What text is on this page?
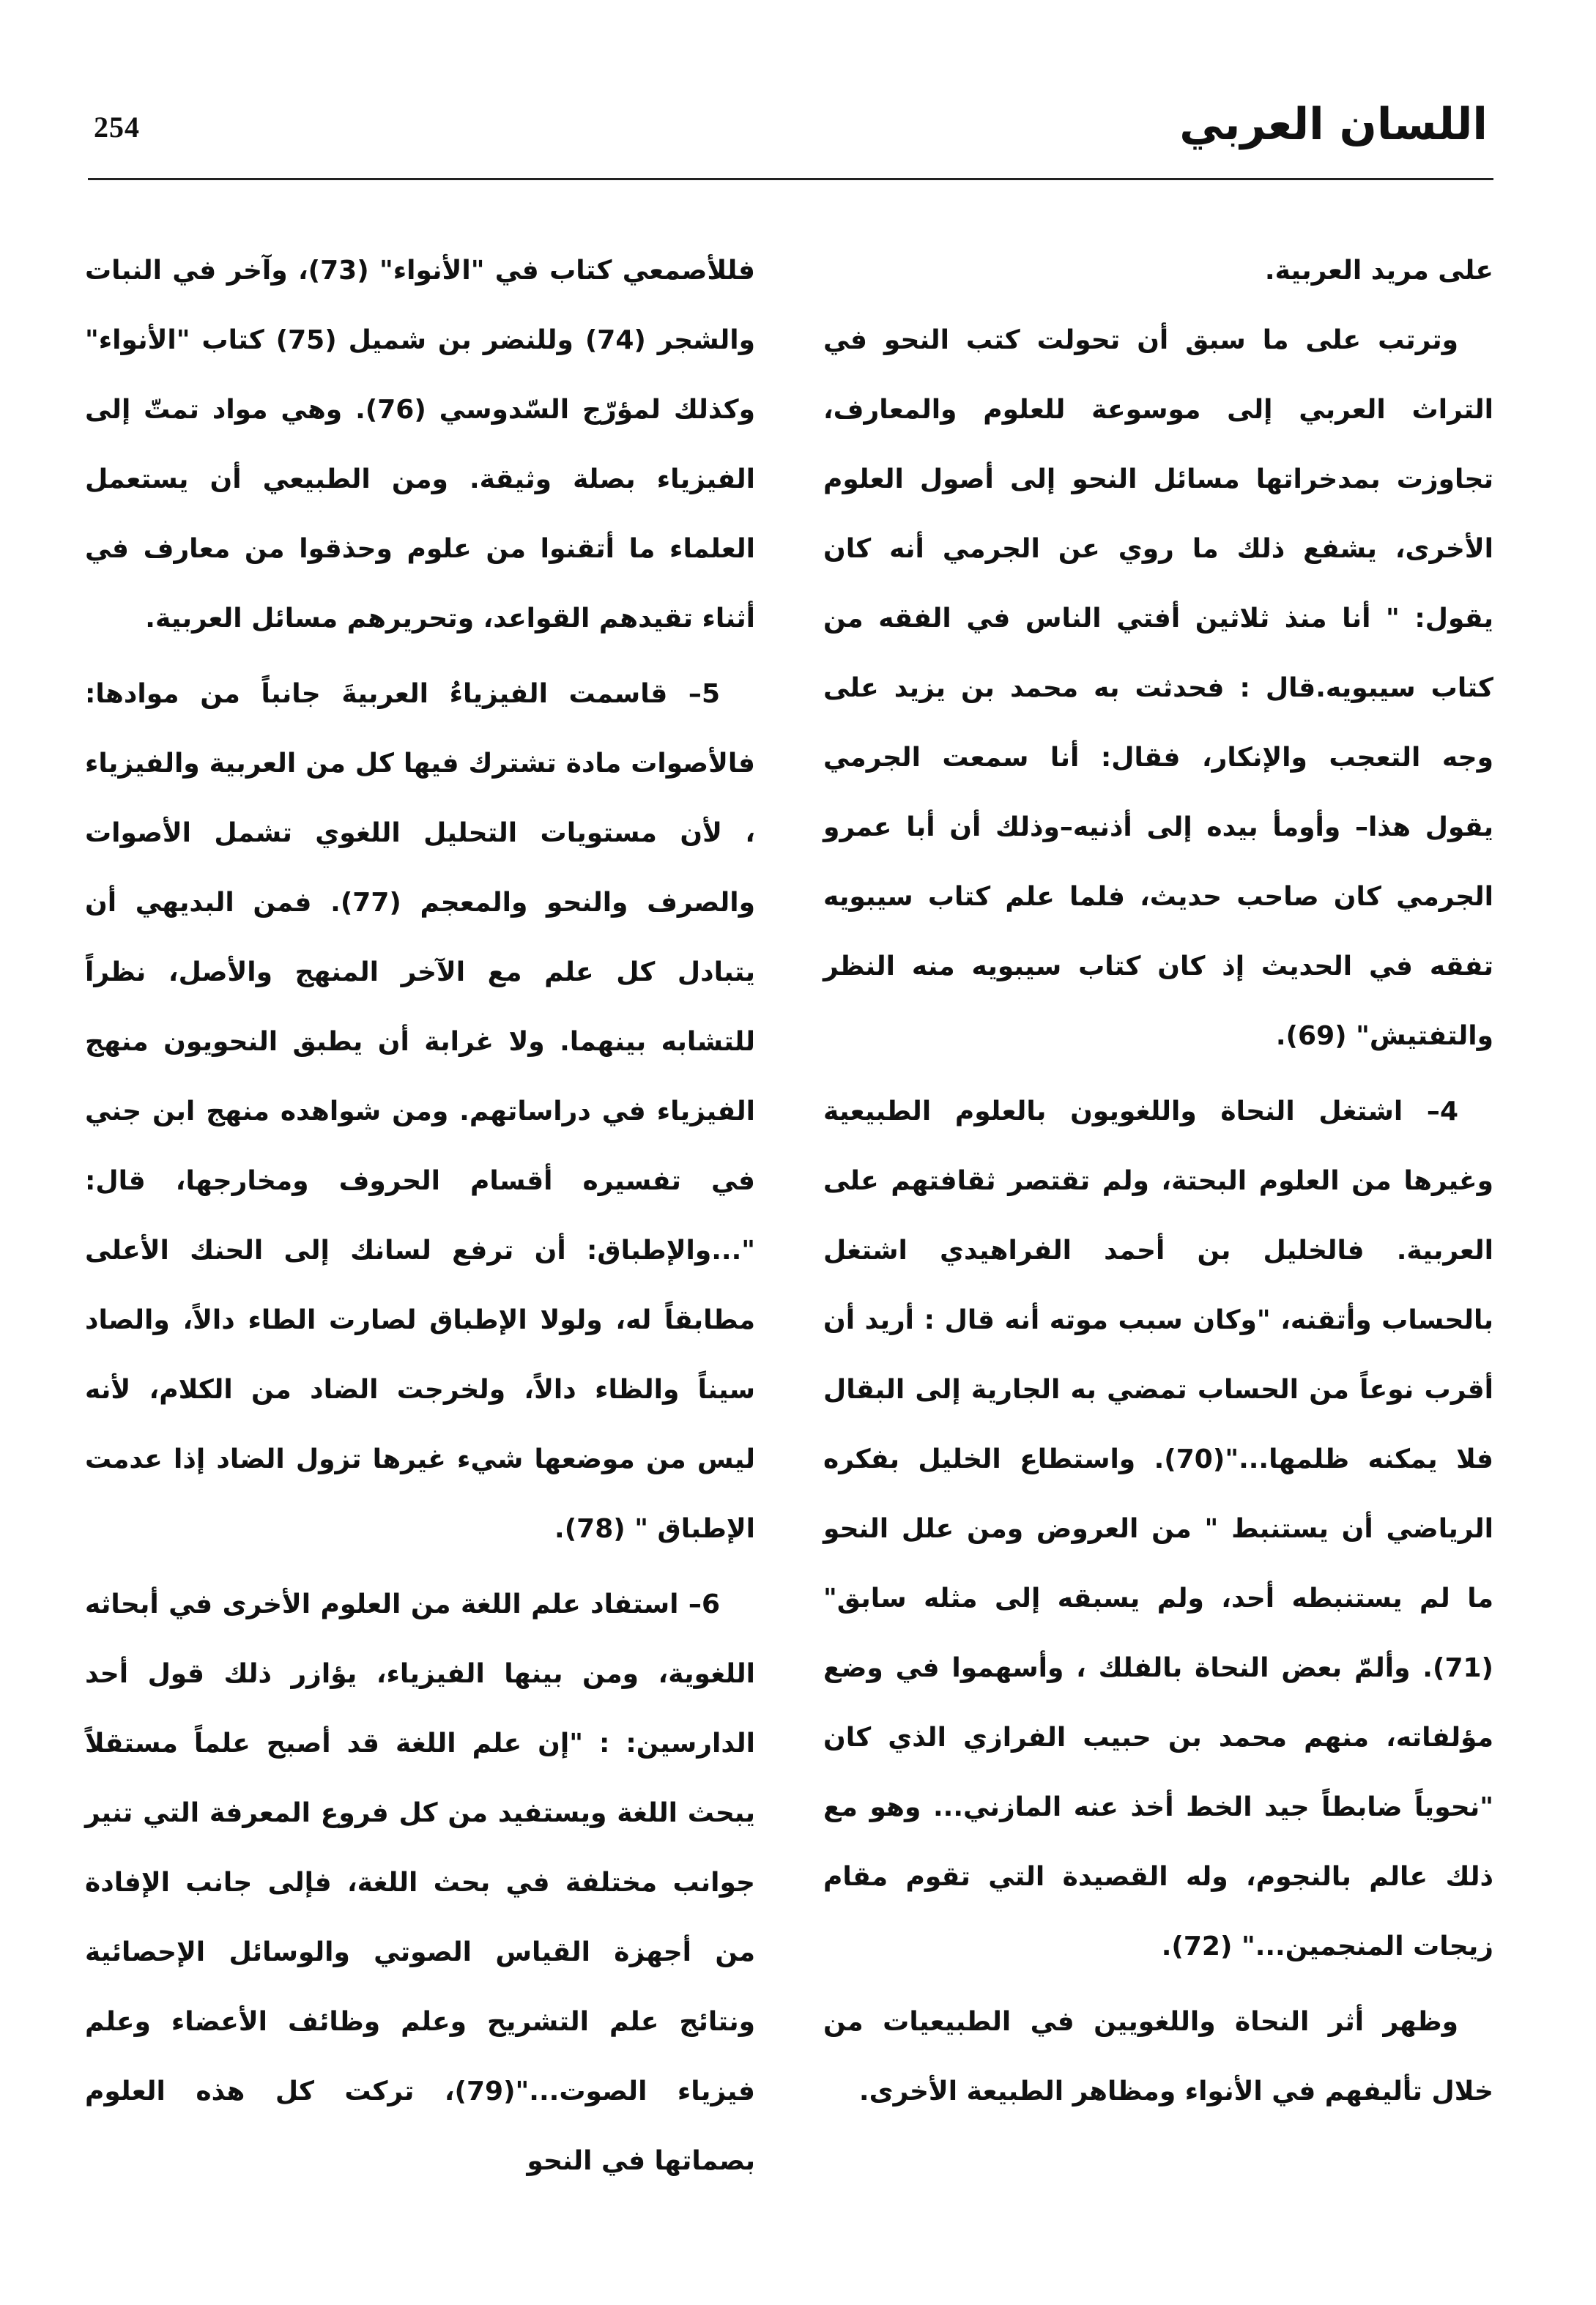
254	اللسان العربي

على مريد العربية.

وترتب على ما سبق أن تحولت كتب النحو في التراث العربي إلى موسوعة للعلوم والمعارف، تجاوزت بمدخراتها مسائل النحو إلى أصول العلوم الأخرى، يشفع ذلك ما روي عن الجرمي أنه كان يقول: " أنا منذ ثلاثين أفتي الناس في الفقه من كتاب سيبويه.قال : فحدثت به محمد بن يزيد على وجه التعجب والإنكار، فقال: أنا سمعت الجرمي يقول هذا– وأومأ بيده إلى أذنيه–وذلك أن أبا عمرو الجرمي كان صاحب حديث، فلما علم كتاب سيبويه تفقه في الحديث إذ كان كتاب سيبويه منه النظر والتفتيش" (69).

4– اشتغل النحاة واللغويون بالعلوم الطبيعية وغيرها من العلوم البحتة، ولم تقتصر ثقافتهم على العربية. فالخليل بن أحمد الفراهيدي اشتغل بالحساب وأتقنه، "وكان سبب موته أنه قال : أريد أن أقرب نوعاً من الحساب تمضي به الجارية إلى البقال فلا يمكنه ظلمها..."(70). واستطاع الخليل بفكره الرياضي أن يستنبط " من العروض ومن علل النحو ما لم يستنبطه أحد، ولم يسبقه إلى مثله سابق"(71). وألمّ بعض النحاة بالفلك ، وأسهموا في وضع مؤلفاته، منهم محمد بن حبيب الفرازي الذي كان "نحوياً ضابطاً جيد الخط أخذ عنه المازني... وهو مع ذلك عالم بالنجوم، وله القصيدة التي تقوم مقام زيجات المنجمين..." (72).

وظهر أثر النحاة واللغويين في الطبيعيات من خلال تأليفهم في الأنواء ومظاهر الطبيعة الأخرى.

فللأصمعي كتاب في "الأنواء" (73)، وآخر في النبات والشجر (74) وللنضر بن شميل (75) كتاب "الأنواء" وكذلك لمؤرّج السّدوسي (76). وهي مواد تمتّ إلى الفيزياء بصلة وثيقة. ومن الطبيعي أن يستعمل العلماء ما أتقنوا من علوم وحذقوا من معارف في أثناء تقيدهم القواعد، وتحريرهم مسائل العربية.

5– قاسمت الفيزياءُ العربيةَ جانباً من موادها: فالأصوات مادة تشترك فيها كل من العربية والفيزياء ، لأن مستويات التحليل اللغوي تشمل الأصوات والصرف والنحو والمعجم (77). فمن البديهي أن يتبادل كل علم مع الآخر المنهج والأصل، نظراً للتشابه بينهما. ولا غرابة أن يطبق النحويون منهج الفيزياء في دراساتهم. ومن شواهده منهج ابن جني في تفسيره أقسام الحروف ومخارجها، قال: "...والإطباق: أن ترفع لسانك إلى الحنك الأعلى مطابقاً له، ولولا الإطباق لصارت الطاء دالاً، والصاد سيناً والظاء دالاً، ولخرجت الضاد من الكلام، لأنه ليس من موضعها شيء غيرها تزول الضاد إذا عدمت الإطباق " (78).

6– استفاد علم اللغة من العلوم الأخرى في أبحاثه اللغوية، ومن بينها الفيزياء، يؤازر ذلك قول أحد الدارسين: : "إن علم اللغة قد أصبح علماً مستقلاً يبحث اللغة ويستفيد من كل فروع المعرفة التي تنير جوانب مختلفة في بحث اللغة، فإلى جانب الإفادة من أجهزة القياس الصوتي والوسائل الإحصائية ونتائج علم التشريح وعلم وظائف الأعضاء وعلم فيزياء الصوت..."(79)، تركت كل هذه العلوم بصماتها في النحو
